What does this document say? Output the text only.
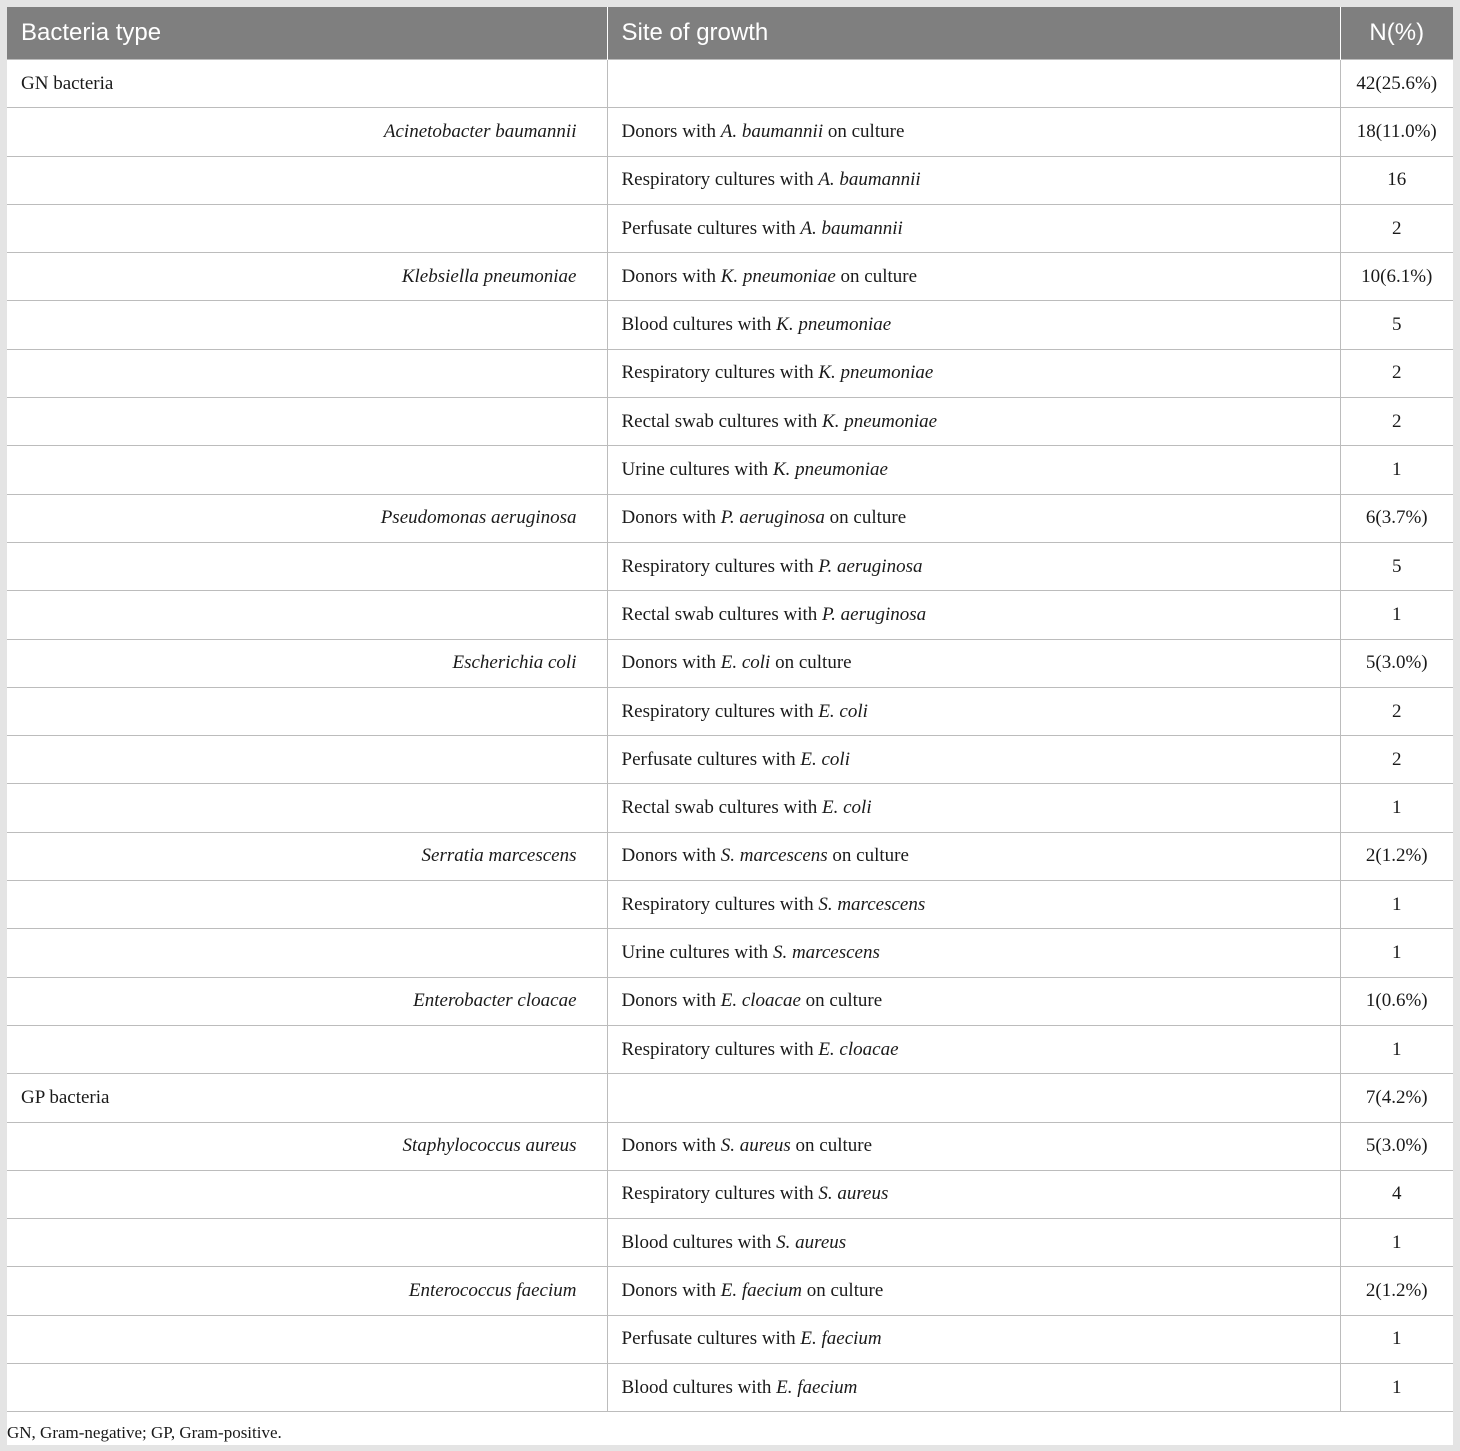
Bacteria type	Site of growth	N(%)
GN bacteria		42(25.6%)
Acinetobacter baumannii	Donors with A. baumannii on culture	18(11.0%)
	Respiratory cultures with A. baumannii	16
	Perfusate cultures with A. baumannii	2
Klebsiella pneumoniae	Donors with K. pneumoniae on culture	10(6.1%)
	Blood cultures with K. pneumoniae	5
	Respiratory cultures with K. pneumoniae	2
	Rectal swab cultures with K. pneumoniae	2
	Urine cultures with K. pneumoniae	1
Pseudomonas aeruginosa	Donors with P. aeruginosa on culture	6(3.7%)
	Respiratory cultures with P. aeruginosa	5
	Rectal swab cultures with P. aeruginosa	1
Escherichia coli	Donors with E. coli on culture	5(3.0%)
	Respiratory cultures with E. coli	2
	Perfusate cultures with E. coli	2
	Rectal swab cultures with E. coli	1
Serratia marcescens	Donors with S. marcescens on culture	2(1.2%)
	Respiratory cultures with S. marcescens	1
	Urine cultures with S. marcescens	1
Enterobacter cloacae	Donors with E. cloacae on culture	1(0.6%)
	Respiratory cultures with E. cloacae	1
GP bacteria		7(4.2%)
Staphylococcus aureus	Donors with S. aureus on culture	5(3.0%)
	Respiratory cultures with S. aureus	4
	Blood cultures with S. aureus	1
Enterococcus faecium	Donors with E. faecium on culture	2(1.2%)
	Perfusate cultures with E. faecium	1
	Blood cultures with E. faecium	1
GN, Gram-negative; GP, Gram-positive.
